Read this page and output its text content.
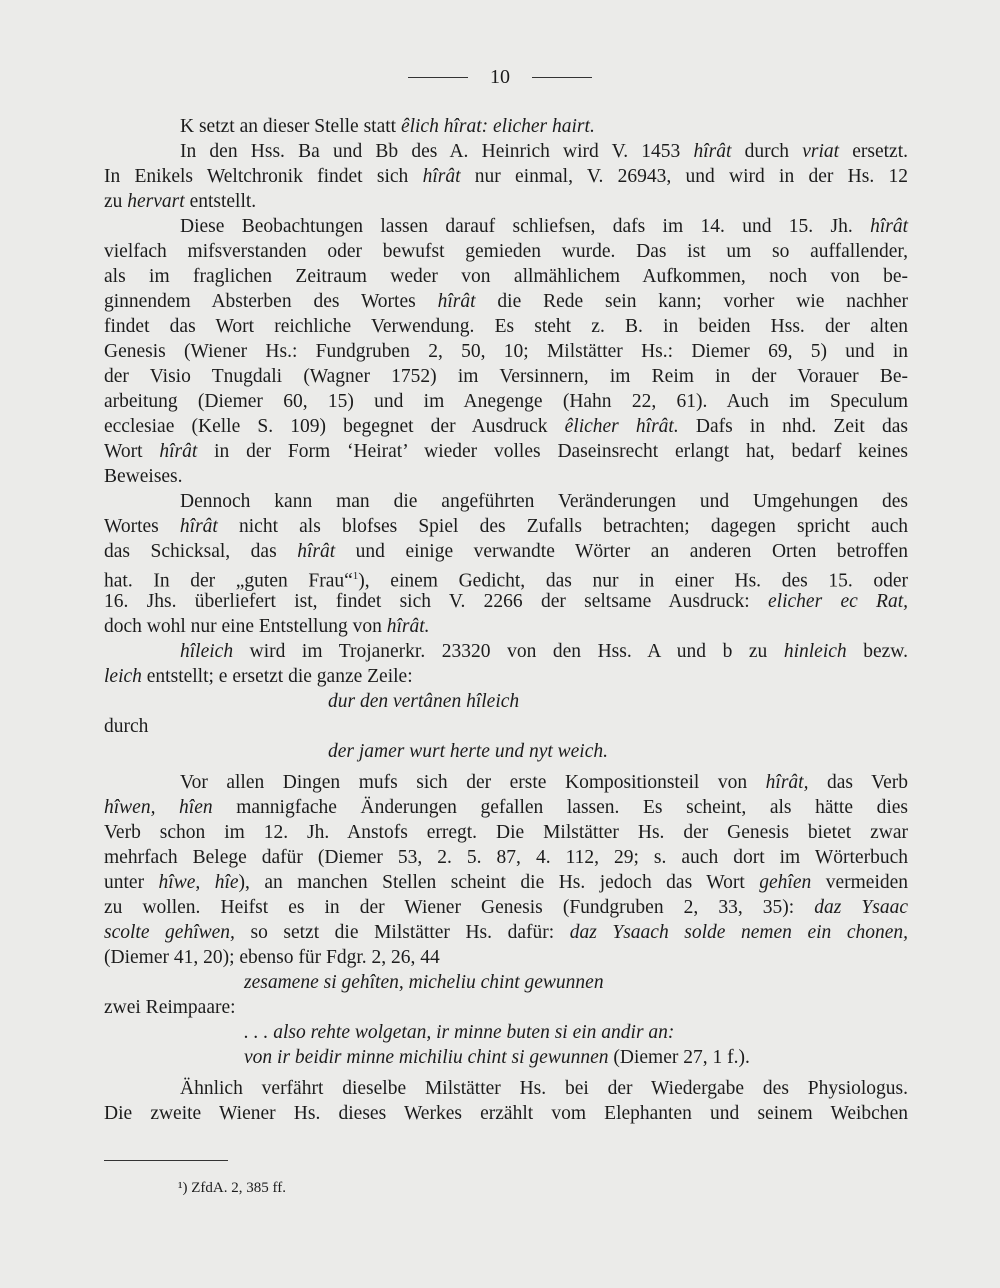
10
K setzt an dieser Stelle statt êlich hîrat: elicher hairt.
In den Hss. Ba und Bb des A. Heinrich wird V. 1453 hîrât durch vriat ersetzt.
In Enikels Weltchronik findet sich hîrât nur einmal, V. 26943, und wird in der Hs. 12
zu hervart entstellt.
Diese Beobachtungen lassen darauf schliefsen, dafs im 14. und 15. Jh. hîrât
vielfach mifsverstanden oder bewufst gemieden wurde. Das ist um so auffallender,
als im fraglichen Zeitraum weder von allmählichem Aufkommen, noch von be-
ginnendem Absterben des Wortes hîrât die Rede sein kann; vorher wie nachher
findet das Wort reichliche Verwendung. Es steht z. B. in beiden Hss. der alten
Genesis (Wiener Hs.: Fundgruben 2, 50, 10; Milstätter Hs.: Diemer 69, 5) und in
der Visio Tnugdali (Wagner 1752) im Versinnern, im Reim in der Vorauer Be-
arbeitung (Diemer 60, 15) und im Anegenge (Hahn 22, 61). Auch im Speculum
ecclesiae (Kelle S. 109) begegnet der Ausdruck êlicher hîrât. Dafs in nhd. Zeit das
Wort hîrât in der Form ‘Heirat’ wieder volles Daseinsrecht erlangt hat, bedarf keines
Beweises.
Dennoch kann man die angeführten Veränderungen und Umgehungen des
Wortes hîrât nicht als blofses Spiel des Zufalls betrachten; dagegen spricht auch
das Schicksal, das hîrât und einige verwandte Wörter an anderen Orten betroffen
hat. In der „guten Frau“$^1$), einem Gedicht, das nur in einer Hs. des 15. oder
16. Jhs. überliefert ist, findet sich V. 2266 der seltsame Ausdruck: elicher ec Rat,
doch wohl nur eine Entstellung von hîrât.
hîleich wird im Trojanerkr. 23320 von den Hss. A und b zu hinleich bezw.
leich entstellt; e ersetzt die ganze Zeile:
dur den vertânen hîleich
durch
der jamer wurt herte und nyt weich.
Vor allen Dingen mufs sich der erste Kompositionsteil von hîrât, das Verb
hîwen, hîen mannigfache Änderungen gefallen lassen. Es scheint, als hätte dies
Verb schon im 12. Jh. Anstofs erregt. Die Milstätter Hs. der Genesis bietet zwar
mehrfach Belege dafür (Diemer 53, 2. 5. 87, 4. 112, 29; s. auch dort im Wörterbuch
unter hîwe, hîe), an manchen Stellen scheint die Hs. jedoch das Wort gehîen vermeiden
zu wollen. Heifst es in der Wiener Genesis (Fundgruben 2, 33, 35): daz Ysaac
scolte gehîwen, so setzt die Milstätter Hs. dafür: daz Ysaach solde nemen ein chonen,
(Diemer 41, 20); ebenso für Fdgr. 2, 26, 44
zesamene si gehîten, micheliu chint gewunnen
zwei Reimpaare:
. . . also rehte wolgetan, ir minne buten si ein andir an:
von ir beidir minne michiliu chint si gewunnen (Diemer 27, 1 f.).
Ähnlich verfährt dieselbe Milstätter Hs. bei der Wiedergabe des Physiologus.
Die zweite Wiener Hs. dieses Werkes erzählt vom Elephanten und seinem Weibchen
¹) ZfdA. 2, 385 ff.
